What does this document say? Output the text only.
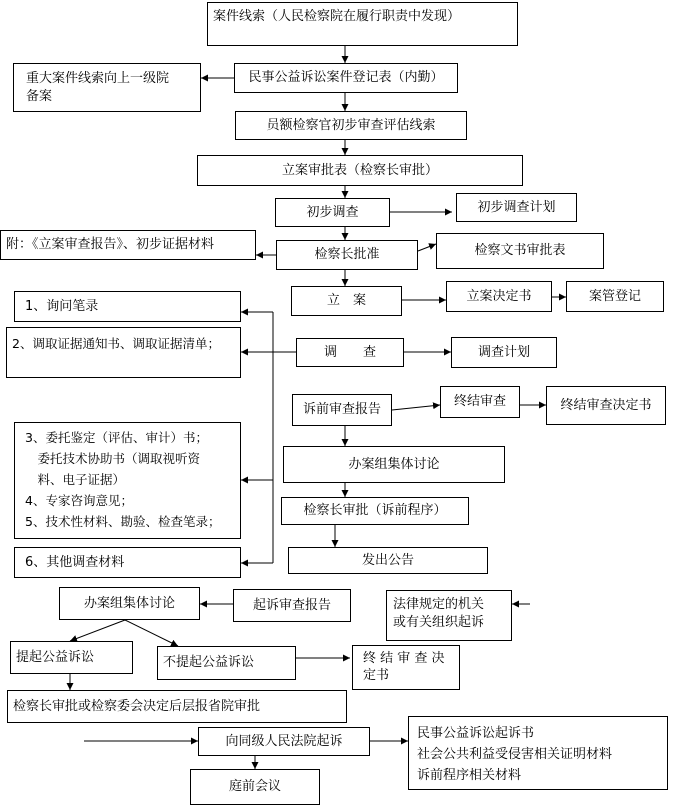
案件线索（人民检察院在履行职责中发现）
重大案件线索向上一级院
备案
民事公益诉讼案件登记表（内勤）
员额检察官初步审查评估线索
立案审批表（检察长审批）
附：《立案审查报告》、初步证据材料
初步调查	初步调查计划
检察长批准	检察文书审批表
立　案	立案决定书	案管登记
1、询问笔录
2、调取证据通知书、调取证据清单；
调　　查	调查计划
3、委托鉴定（评估、审计）书；
　委托技术协助书（调取视听资
　料、电子证据）
4、专家咨询意见；
5、技术性材料、勘验、检查笔录；
诉前审查报告
终结审查	终结审查决定书
办案组集体讨论
检察长审批（诉前程序）
发出公告
6、其他调查材料
办案组集体讨论	起诉审查报告	法律规定的机关
或有关组织起诉
提起公益诉讼	不提起公益诉讼	终 结 审 查 决
定书
检察长审批或检察委会决定后层报省院审批
向同级人民法院起诉	民事公益诉讼起诉书
社会公共利益受侵害相关证明材料
诉前程序相关材料
庭前会议
